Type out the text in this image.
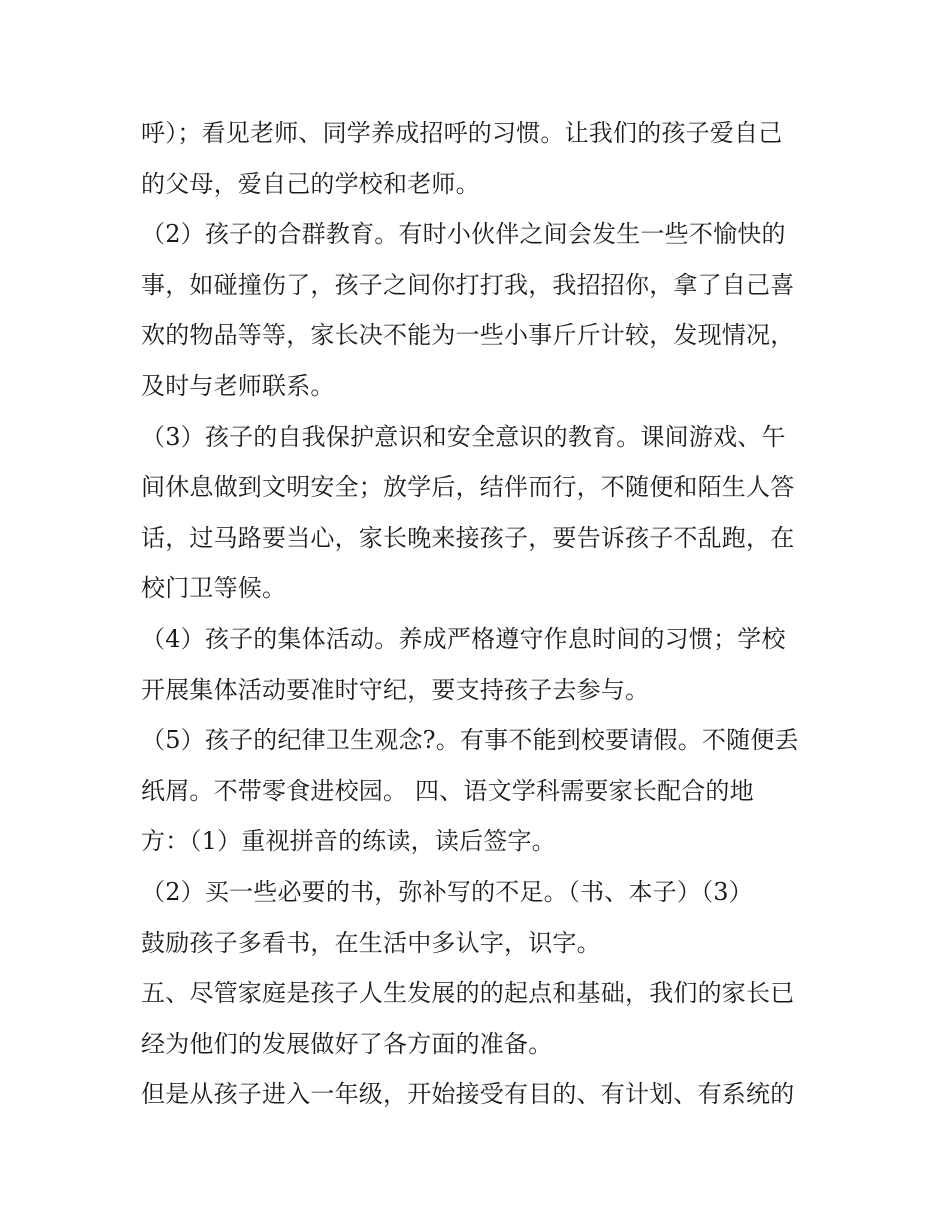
呼）；看见老师、同学养成招呼的习惯。让我们的孩子爱自己
的父母，爱自己的学校和老师。
（2）孩子的合群教育。有时小伙伴之间会发生一些不愉快的
事，如碰撞伤了，孩子之间你打打我，我招招你，拿了自己喜
欢的物品等等，家长决不能为一些小事斤斤计较，发现情况，
及时与老师联系。
（3）孩子的自我保护意识和安全意识的教育。课间游戏、午
间休息做到文明安全；放学后，结伴而行，不随便和陌生人答
话，过马路要当心，家长晚来接孩子，要告诉孩子不乱跑，在
校门卫等候。
（4）孩子的集体活动。养成严格遵守作息时间的习惯；学校
开展集体活动要准时守纪，要支持孩子去参与。
（5）孩子的纪律卫生观念?。有事不能到校要请假。不随便丢
纸屑。不带零食进校园。 四、语文学科需要家长配合的地
方：（1）重视拼音的练读，读后签字。
（2）买一些必要的书，弥补写的不足。（书、本子）（3）
鼓励孩子多看书，在生活中多认字，识字。
五、尽管家庭是孩子人生发展的的起点和基础，我们的家长已
经为他们的发展做好了各方面的准备。
但是从孩子进入一年级，开始接受有目的、有计划、有系统的
